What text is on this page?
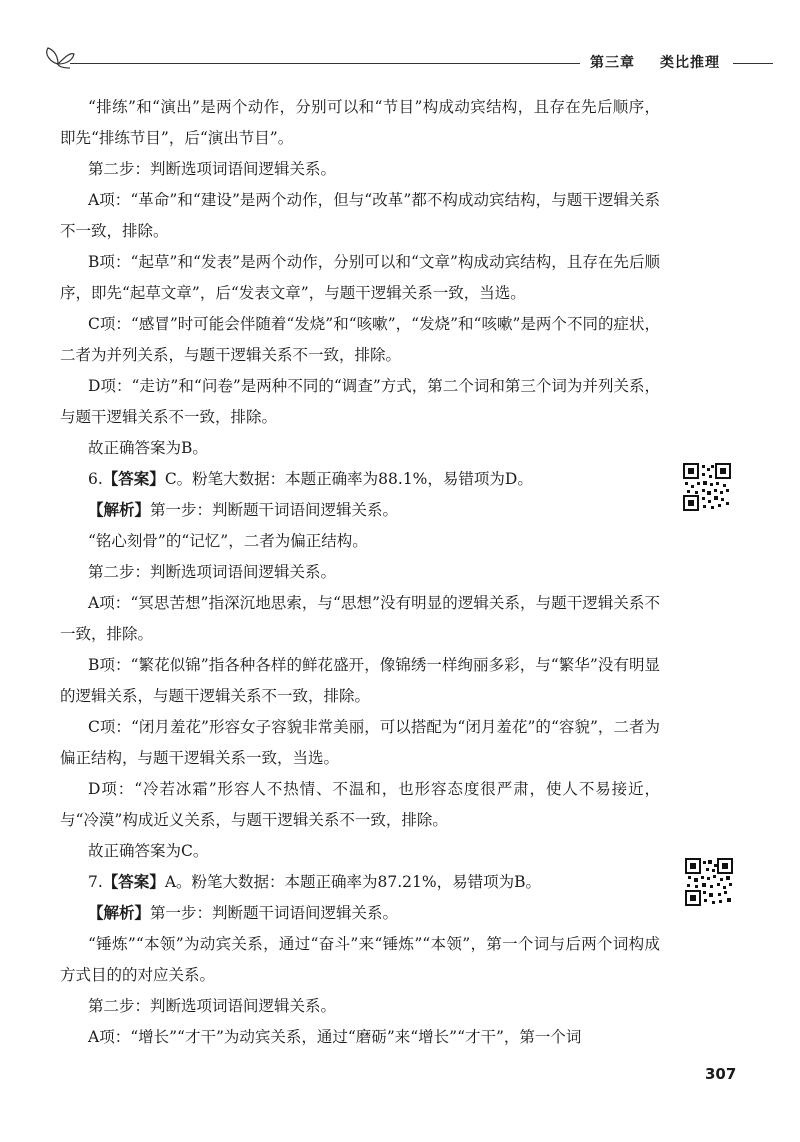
第三章 类比推理

“排练”和“演出”是两个动作，分别可以和“节目”构成动宾结构，且存在先后顺序，即先“排练节目”，后“演出节目”。

第二步：判断选项词语间逻辑关系。

A项：“革命”和“建设”是两个动作，但与“改革”都不构成动宾结构，与题干逻辑关系不一致，排除。

B项：“起草”和“发表”是两个动作，分别可以和“文章”构成动宾结构，且存在先后顺序，即先“起草文章”，后“发表文章”，与题干逻辑关系一致，当选。

C项：“感冒”时可能会伴随着“发烧”和“咳嗽”，“发烧”和“咳嗽”是两个不同的症状，二者为并列关系，与题干逻辑关系不一致，排除。

D项：“走访”和“问卷”是两种不同的“调查”方式，第二个词和第三个词为并列关系，与题干逻辑关系不一致，排除。

故正确答案为B。

6.【答案】C。粉笔大数据：本题正确率为88.1%，易错项为D。

【解析】第一步：判断题干词语间逻辑关系。

“铭心刻骨”的“记忆”，二者为偏正结构。

第二步：判断选项词语间逻辑关系。

A项：“冥思苦想”指深沉地思索，与“思想”没有明显的逻辑关系，与题干逻辑关系不一致，排除。

B项：“繁花似锦”指各种各样的鲜花盛开，像锦绣一样绚丽多彩，与“繁华”没有明显的逻辑关系，与题干逻辑关系不一致，排除。

C项：“闭月羞花”形容女子容貌非常美丽，可以搭配为“闭月羞花”的“容貌”，二者为偏正结构，与题干逻辑关系一致，当选。

D项：“冷若冰霜”形容人不热情、不温和，也形容态度很严肃，使人不易接近，与“冷漠”构成近义关系，与题干逻辑关系不一致，排除。

故正确答案为C。

7.【答案】A。粉笔大数据：本题正确率为87.21%，易错项为B。

【解析】第一步：判断题干词语间逻辑关系。

“锤炼”“本领”为动宾关系，通过“奋斗”来“锤炼”“本领”，第一个词与后两个词构成方式目的的对应关系。

第二步：判断选项词语间逻辑关系。

A项：“增长”“才干”为动宾关系，通过“磨砺”来“增长”“才干”，第一个词

307
